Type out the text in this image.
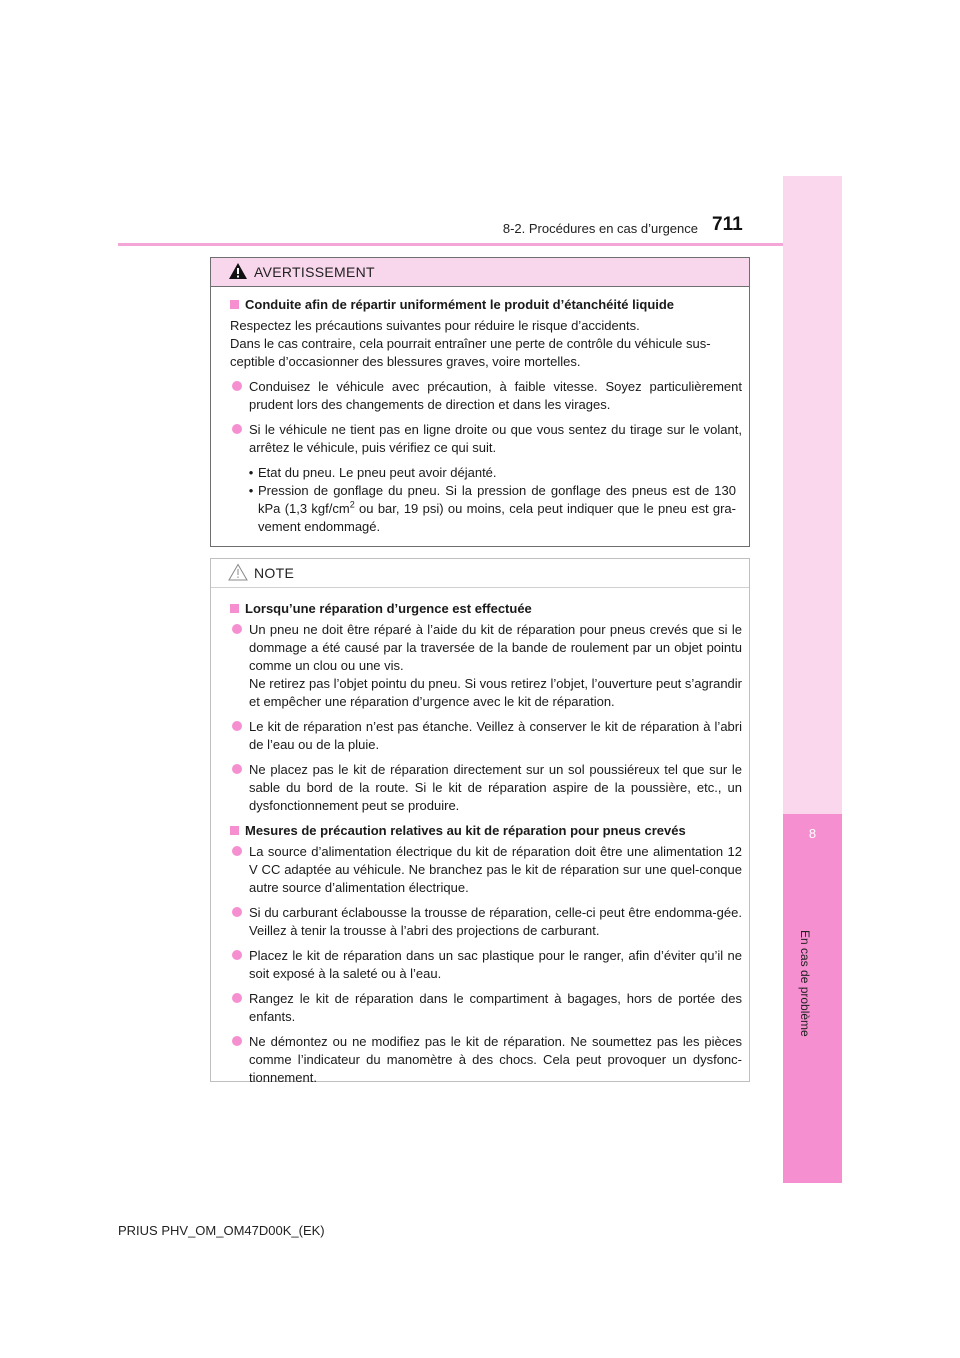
8-2. Procédures en cas d’urgence 711
8
En cas de problème
AVERTISSEMENT
Conduite afin de répartir uniformément le produit d’étanchéité liquide

Respectez les précautions suivantes pour réduire le risque d’accidents.

Dans le cas contraire, cela pourrait entraîner une perte de contrôle du véhicule sus-ceptible d’occasionner des blessures graves, voire mortelles.

Conduisez le véhicule avec précaution, à faible vitesse. Soyez particulièrement prudent lors des changements de direction et dans les virages.
Si le véhicule ne tient pas en ligne droite ou que vous sentez du tirage sur le volant, arrêtez le véhicule, puis vérifiez ce qui suit.
• Etat du pneu. Le pneu peut avoir déjanté.
• Pression de gonflage du pneu. Si la pression de gonflage des pneus est de 130 kPa (1,3 kgf/$cm^2$ ou bar, 19 psi) ou moins, cela peut indiquer que le pneu est gra-vement endommagé.
NOTE
Lorsqu’une réparation d’urgence est effectuée
Un pneu ne doit être réparé à l’aide du kit de réparation pour pneus crevés que si le dommage a été causé par la traversée de la bande de roulement par un objet pointu comme un clou ou une vis.
Ne retirez pas l’objet pointu du pneu. Si vous retirez l’objet, l’ouverture peut s’agrandir et empêcher une réparation d’urgence avec le kit de réparation.
Le kit de réparation n’est pas étanche. Veillez à conserver le kit de réparation à l’abri de l’eau ou de la pluie.
Ne placez pas le kit de réparation directement sur un sol poussiéreux tel que sur le sable du bord de la route. Si le kit de réparation aspire de la poussière, etc., un dysfonctionnement peut se produire.
Mesures de précaution relatives au kit de réparation pour pneus crevés
La source d’alimentation électrique du kit de réparation doit être une alimentation 12 V CC adaptée au véhicule. Ne branchez pas le kit de réparation sur une quel-conque autre source d’alimentation électrique.
Si du carburant éclabousse la trousse de réparation, celle-ci peut être endomma-gée. Veillez à tenir la trousse à l’abri des projections de carburant.
Placez le kit de réparation dans un sac plastique pour le ranger, afin d’éviter qu’il ne soit exposé à la saleté ou à l’eau.
Rangez le kit de réparation dans le compartiment à bagages, hors de portée des enfants.
Ne démontez ou ne modifiez pas le kit de réparation. Ne soumettez pas les pièces comme l’indicateur du manomètre à des chocs. Cela peut provoquer un dysfonc-tionnement.
PRIUS PHV_OM_OM47D00K_(EK)
